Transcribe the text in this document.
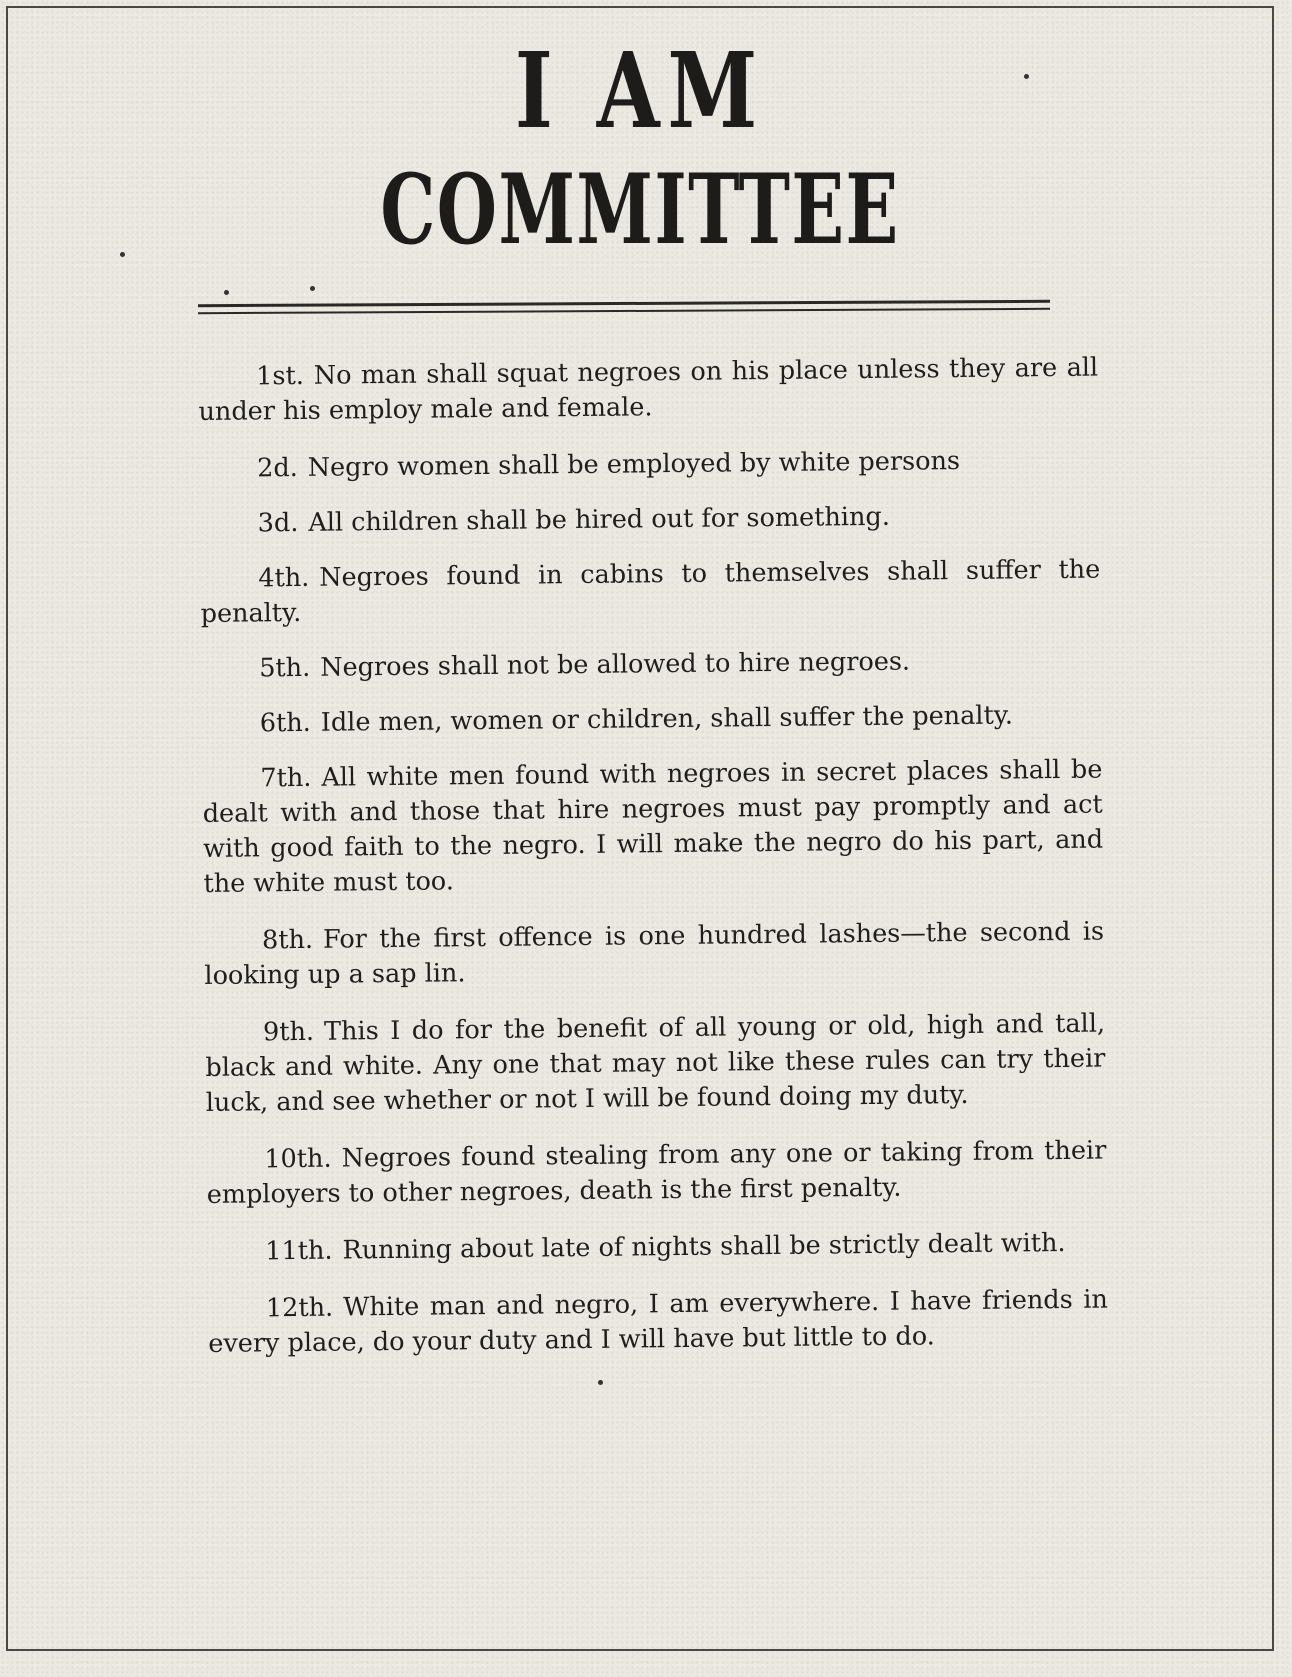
I AM
COMMITTEE
1st. No man shall squat negroes on his place unless they are all under his employ male and female.
2d. Negro women shall be employed by white persons
3d. All children shall be hired out for something.
4th. Negroes found in cabins to themselves shall suffer the penalty.
5th. Negroes shall not be allowed to hire negroes.
6th. Idle men, women or children, shall suffer the penalty.
7th. All white men found with negroes in secret places shall be dealt with and those that hire negroes must pay promptly and act with good faith to the negro. I will make the negro do his part, and the white must too.
8th. For the first offence is one hundred lashes—the second is looking up a sap lin.
9th. This I do for the benefit of all young or old, high and tall, black and white. Any one that may not like these rules can try their luck, and see whether or not I will be found doing my duty.
10th. Negroes found stealing from any one or taking from their employers to other negroes, death is the first penalty.
11th. Running about late of nights shall be strictly dealt with.
12th. White man and negro, I am everywhere. I have friends in every place, do your duty and I will have but little to do.
